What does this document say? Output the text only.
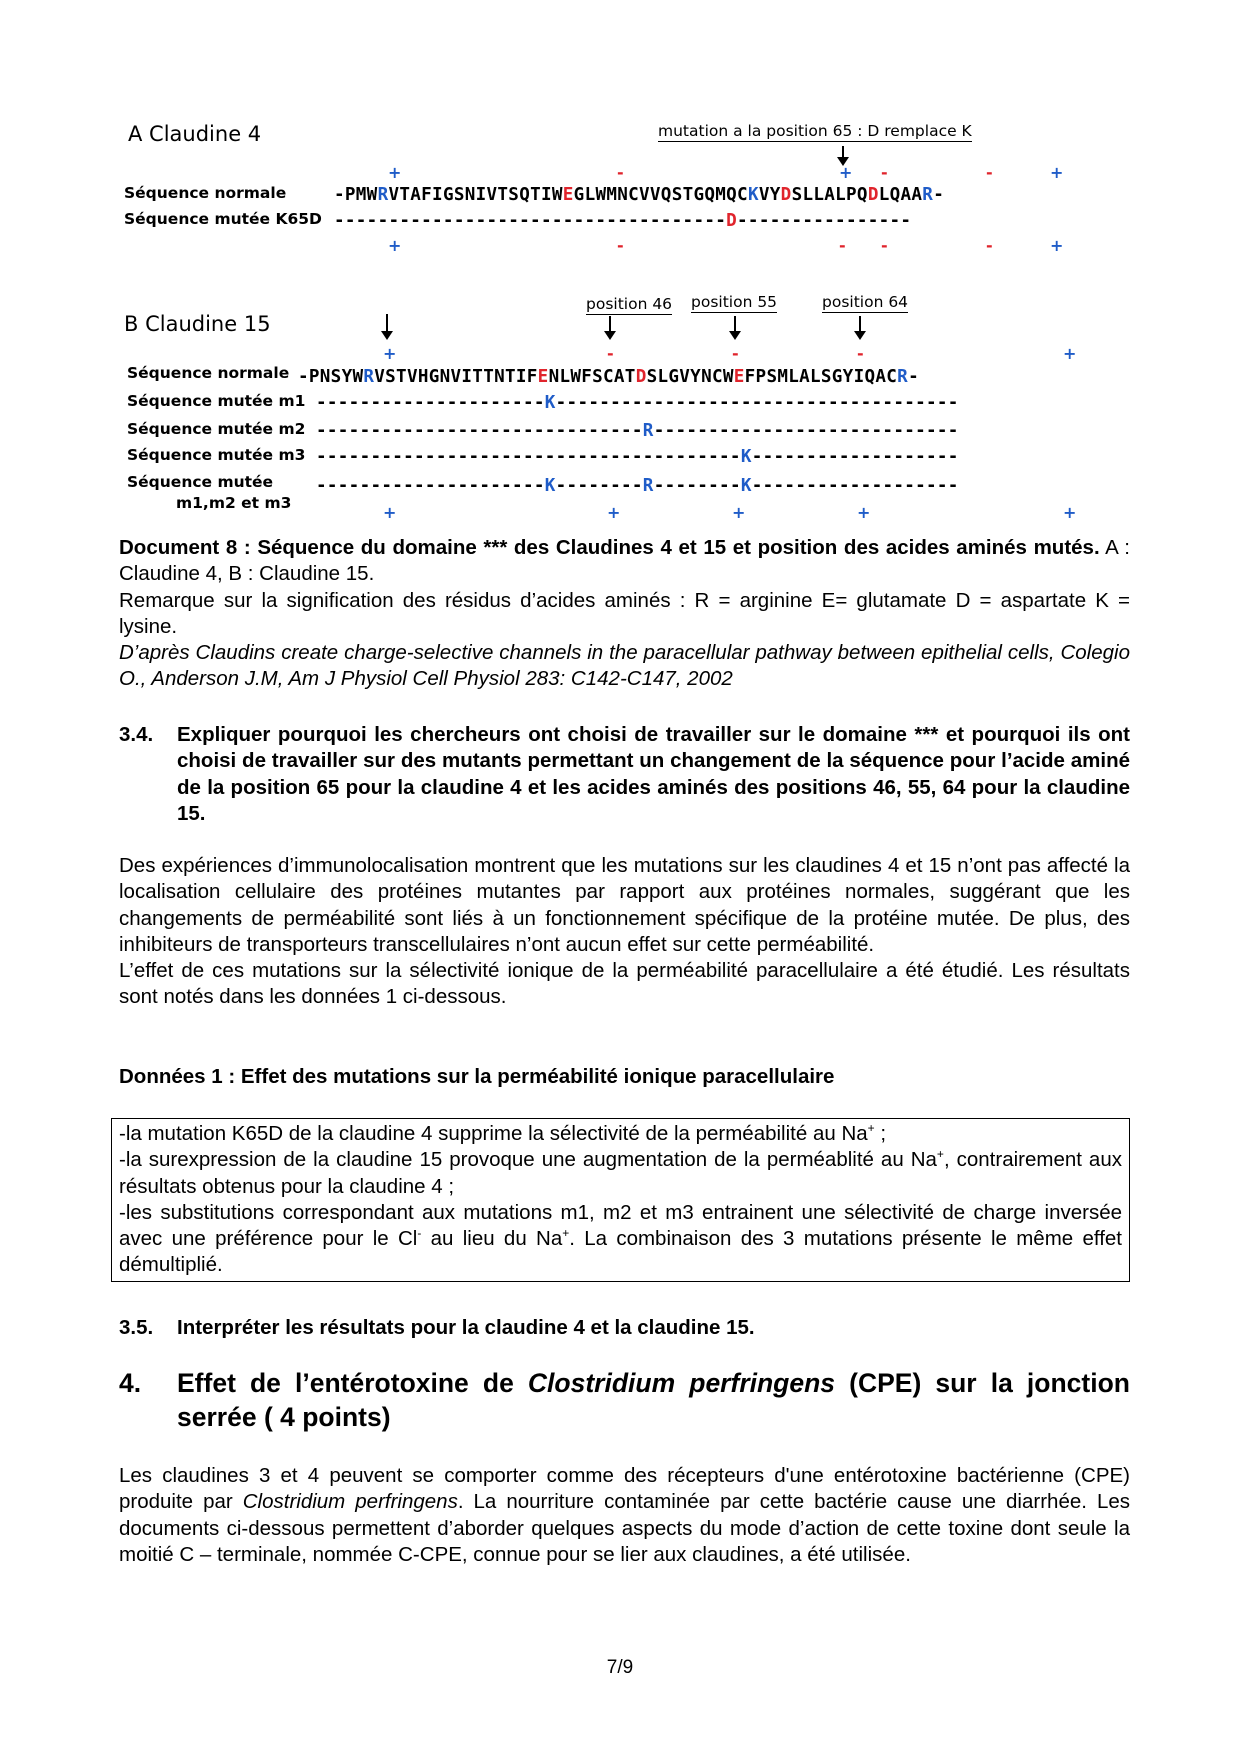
A Claudine 4	mutation a la position 65 : D remplace K
+	-	+ -	-	+
Séquence normale	-PMWRVTAFIGSNIVTSQTIWEGLWMNCVVQSTGQMQCKVYDSLLALPQDLQAAR-
Séquence mutée K65D ------------------------------------D----------------
+	-	- -	-	+
B Claudine 15
position 46 position 55	position 64
+	-	-	-	+
Séquence normale -PNSYWRVSTVHGNVITTNTIFENLWFSCATDSLGVYNCWEFPSMLALSGYIQACR-
Séquence mutée m1 ---------------------K-------------------------------------
Séquence mutée m2 ------------------------------R----------------------------
Séquence mutée m3 ---------------------------------------K-------------------
Séquence mutée
m1,m2 et m3
---------------------K--------R--------K-------------------
+	+	+	+	+
Document 8 : Séquence du domaine *** des Claudines 4 et 15 et position des acides aminés mutés. A : Claudine 4, B : Claudine 15.
Remarque sur la signification des résidus d’acides aminés : R = arginine E= glutamate D = aspartate K = lysine.
D’après Claudins create charge-selective channels in the paracellular pathway between epithelial cells, Colegio O., Anderson J.M, Am J Physiol Cell Physiol 283: C142-C147, 2002
3.4. Expliquer pourquoi les chercheurs ont choisi de travailler sur le domaine *** et pourquoi ils ont choisi de travailler sur des mutants permettant un changement de la séquence pour l’acide aminé de la position 65 pour la claudine 4 et les acides aminés des positions 46, 55, 64 pour la claudine 15.
Des expériences d’immunolocalisation montrent que les mutations sur les claudines 4 et 15 n’ont pas affecté la localisation cellulaire des protéines mutantes par rapport aux protéines normales, suggérant que les changements de perméabilité sont liés à un fonctionnement spécifique de la protéine mutée. De plus, des inhibiteurs de transporteurs transcellulaires n’ont aucun effet sur cette perméabilité.
L’effet de ces mutations sur la sélectivité ionique de la perméabilité paracellulaire a été étudié. Les résultats sont notés dans les données 1 ci-dessous.
Données 1 : Effet des mutations sur la perméabilité ionique paracellulaire
-la mutation K65D de la claudine 4 supprime la sélectivité de la perméabilité au Na+ ;
-la surexpression de la claudine 15 provoque une augmentation de la perméablité au Na+, contrairement aux résultats obtenus pour la claudine 4 ;
-les substitutions correspondant aux mutations m1, m2 et m3 entrainent une sélectivité de charge inversée avec une préférence pour le Cl- au lieu du Na+. La combinaison des 3 mutations présente le même effet démultiplié.
3.5. Interpréter les résultats pour la claudine 4 et la claudine 15.
4. Effet de l’entérotoxine de Clostridium perfringens (CPE) sur la jonction serrée ( 4 points)
Les claudines 3 et 4 peuvent se comporter comme des récepteurs d'une entérotoxine bactérienne (CPE) produite par Clostridium perfringens. La nourriture contaminée par cette bactérie cause une diarrhée. Les documents ci-dessous permettent d’aborder quelques aspects du mode d’action de cette toxine dont seule la moitié C – terminale, nommée C-CPE, connue pour se lier aux claudines, a été utilisée.
7/9
